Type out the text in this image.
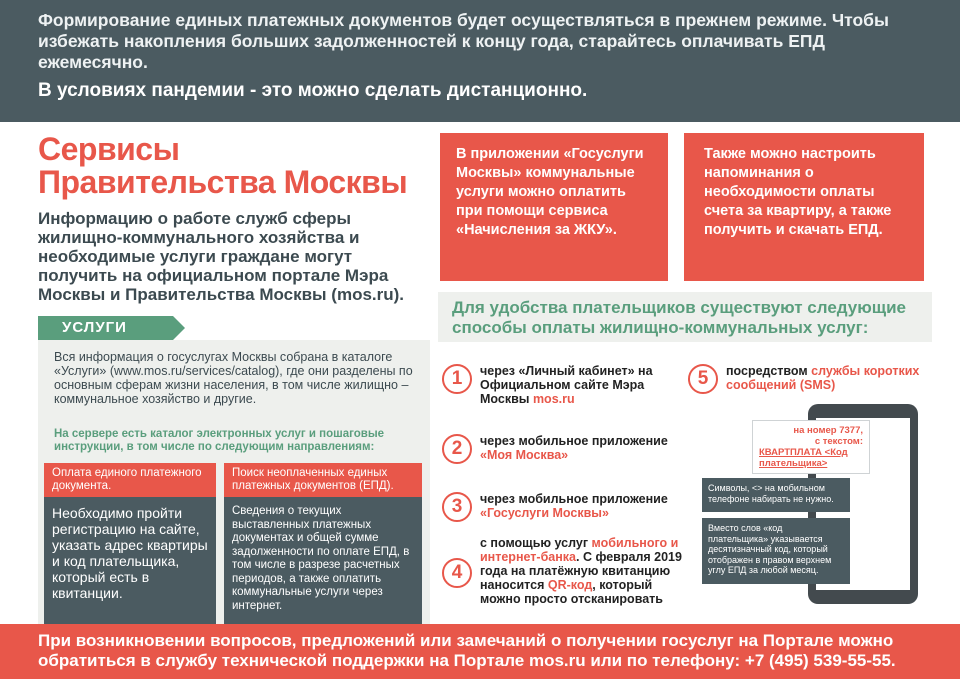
Формирование единых платежных документов будет осуществляться в прежнем режиме. Чтобы избежать накопления больших задолженностей к концу года, старайтесь оплачивать ЕПД ежемесячно.
В условиях пандемии - это можно сделать дистанционно.
Сервисы
Правительства Москвы
Информацию о работе служб сферы жилищно-коммунального хозяйства и необходимые услуги граждане могут получить на официальном портале Мэра Москвы и Правительства Москвы (mos.ru).
УСЛУГИ
Вся информация о госуслугах Москвы собрана в каталоге «Услуги» (www.mos.ru/services/catalog), где они разделены по основным сферам жизни населения, в том числе жилищно – коммунальное хозяйство и другие.
На сервере есть каталог электронных услуг и пошаговые инструкции, в том числе по следующим направлениям:
Оплата единого платежного документа.
Необходимо пройти регистрацию на сайте, указать адрес квартиры и код плательщика, который есть в квитанции.
Поиск неоплаченных единых платежных документов (ЕПД).
Сведения о текущих выставленных платежных документах и общей сумме задолженности по оплате ЕПД, в том числе в разрезе расчетных периодов, а также оплатить коммунальные услуги через интернет.
В приложении «Госуслуги Москвы» коммунальные услуги можно оплатить при помощи сервиса «Начисления за ЖКУ».
Также можно настроить напоминания о необходимости оплаты счета за квартиру, а также получить и скачать ЕПД.
Для удобства плательщиков существуют следующие способы оплаты жилищно-коммунальных услуг:
1	через «Личный кабинет» на Официальном сайте Мэра Москвы mos.ru
2	через мобильное приложение «Моя Москва»
3	через мобильное приложение «Госуслуги Москвы»
4
с помощью услуг мобильного и интернет-банка. С февраля 2019 года на платёжную квитанцию наносится QR-код, который можно просто отсканировать
5	посредством службы коротких сообщений (SMS)
на номер 7377,
с текстом:
КВАРТПЛАТА <Код плательщика>
Символы, <> на мобильном телефоне набирать не нужно.
Вместо слов «код плательщика» указывается десятизначный код, который отображен в правом верхнем углу ЕПД за любой месяц.
При возникновении вопросов, предложений или замечаний о получении госуслуг на Портале можно обратиться в службу технической поддержки на Портале mos.ru или по телефону: +7 (495) 539-55-55.
